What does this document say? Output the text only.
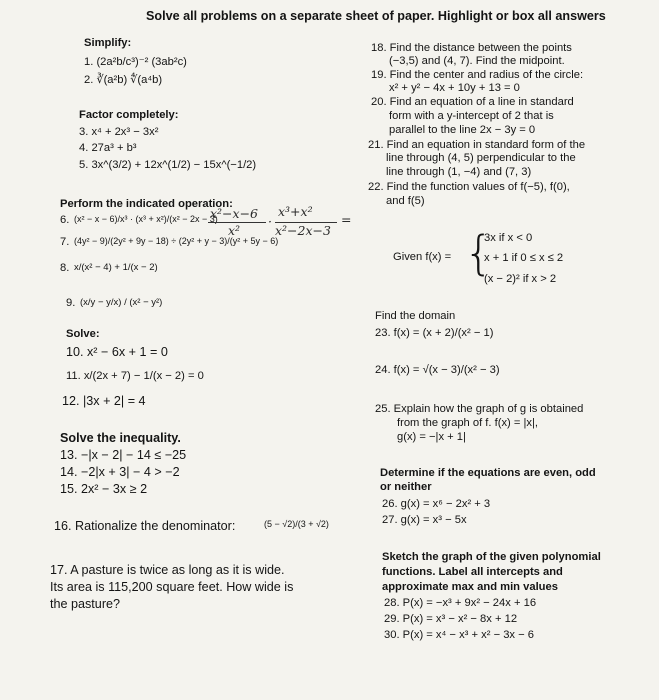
Solve all problems on a separate sheet of paper. Highlight or box all answers
Simplify:
1. (2a²b/c³)⁻² (3ab²c)
2. ∛(a²b) ∜(a⁴b)
Factor completely:
3. x⁴ + 2x³ − 3x²
4. 27a³ + b³
5. 3x^(3/2) + 12x^(1/2) − 15x^(−1/2)
Perform the indicated operation:
6. (x² − x − 6)/x³ · (x³ + x²)/(x² − 2x − 3)
x²−x−6
x²
·
x³+x²
x²−2x−3
=
7. (4y² − 9)/(2y² + 9y − 18) ÷ (2y² + y − 3)/(y² + 5y − 6)
8. x/(x² − 4) + 1/(x − 2)
9. (x/y − y/x) / (x² − y²)
Solve:
10. x² − 6x + 1 = 0
11. x/(2x + 7) − 1/(x − 2) = 0
12. |3x + 2| = 4
Solve the inequality.
13. −|x − 2| − 14 ≤ −25
14. −2|x + 3| − 4 > −2
15. 2x² − 3x ≥ 2
16. Rationalize the denominator:	(5 − √2)/(3 + √2)
17. A pasture is twice as long as it is wide.
Its area is 115,200 square feet. How wide is
the pasture?
18. Find the distance between the points
(−3,5) and (4, 7). Find the midpoint.
19. Find the center and radius of the circle:
x² + y² − 4x + 10y + 13 = 0
20. Find an equation of a line in standard
form with a y-intercept of 2 that is
parallel to the line 2x − 3y = 0
21. Find an equation in standard form of the
line through (4, 5) perpendicular to the
line through (1, −4) and (7, 3)
22. Find the function values of f(−5), f(0),
and f(5)
Given f(x) = {
3x if x < 0
x + 1 if 0 ≤ x ≤ 2
(x − 2)² if x > 2
Find the domain
23. f(x) = (x + 2)/(x² − 1)
24. f(x) = √(x − 3)/(x² − 3)
25. Explain how the graph of g is obtained
from the graph of f. f(x) = |x|,
g(x) = −|x + 1|
Determine if the equations are even, odd
or neither
26. g(x) = x⁶ − 2x² + 3
27. g(x) = x³ − 5x
Sketch the graph of the given polynomial
functions. Label all intercepts and
approximate max and min values
28. P(x) = −x³ + 9x² − 24x + 16
29. P(x) = x³ − x² − 8x + 12
30. P(x) = x⁴ − x³ + x² − 3x − 6
